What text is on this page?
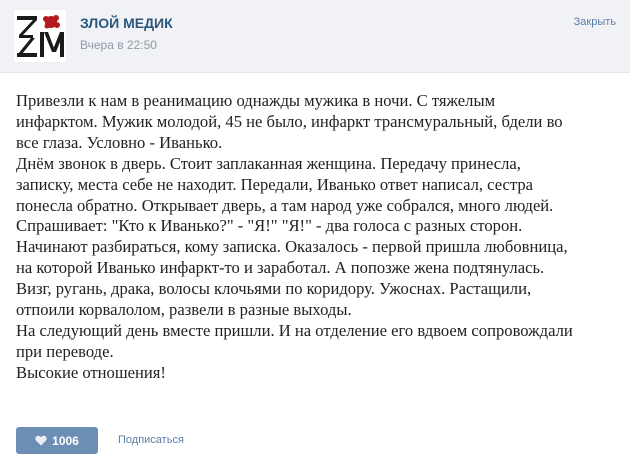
ЗЛОЙ МЕДИК
Вчера в 22:50
Закрыть

Привезли к нам в реанимацию однажды мужика в ночи. С тяжелым

инфарктом. Мужик молодой, 45 не было, инфаркт трансмуральный, бдели во

все глаза. Условно - Иванько.

Днём звонок в дверь. Стоит заплаканная женщина. Передачу принесла,

записку, места себе не находит. Передали, Иванько ответ написал, сестра

понесла обратно. Открывает дверь, а там народ уже собрался, много людей.

Спрашивает: "Кто к Иванько?" - "Я!" "Я!" - два голоса с разных сторон.

Начинают разбираться, кому записка. Оказалось - первой пришла любовница,

на которой Иванько инфаркт-то и заработал. А попозже жена подтянулась.

Визг, ругань, драка, волосы клочьями по коридору. Ужоснах. Растащили,

отпоили корвалолом, развели в разные выходы.

На следующий день вместе пришли. И на отделение его вдвоем сопровождали

при переводе.

Высокие отношения!

1006	Подписаться
